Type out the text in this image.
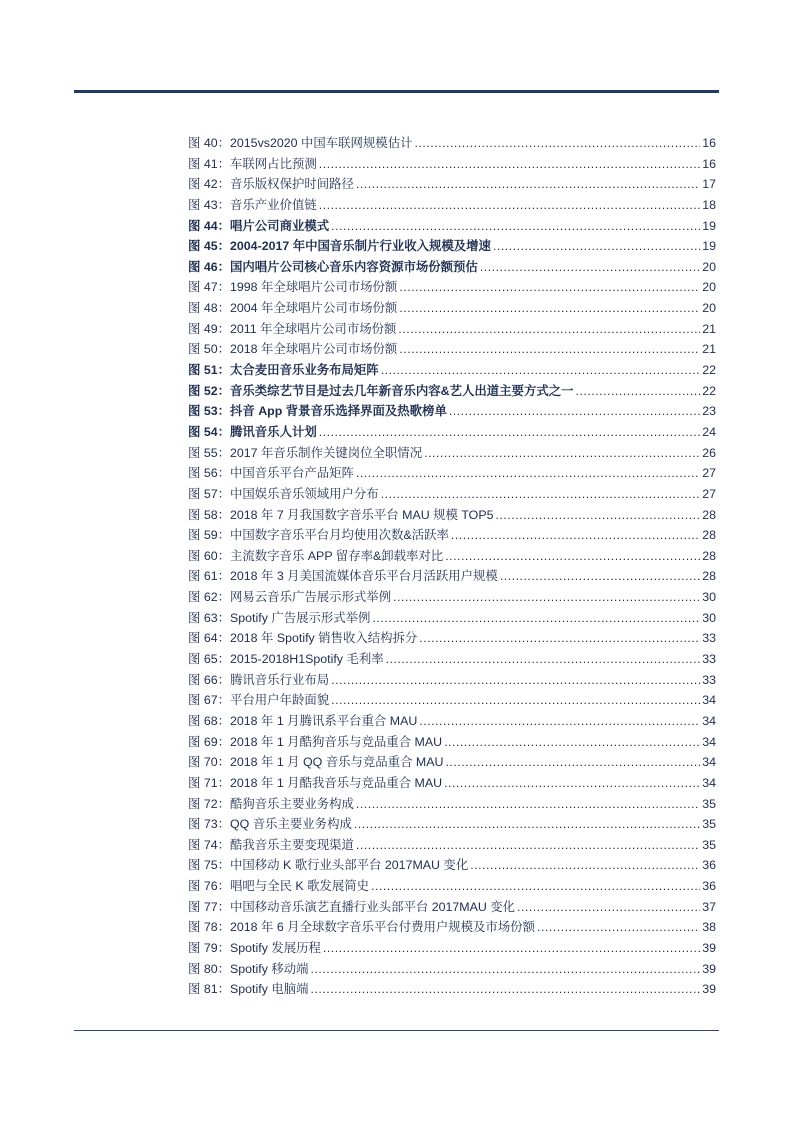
图 40：2015vs2020 中国车联网规模估计 .....	16
图 41：车联网占比预测 .....	16
图 42：音乐版权保护时间路径 .....	17
图 43：音乐产业价值链 .....	18
图 44：唱片公司商业模式 .....	19
图 45：2004-2017 年中国音乐制片行业收入规模及增速 .....	19
图 46：国内唱片公司核心音乐内容资源市场份额预估 .....	20
图 47：1998 年全球唱片公司市场份额 .....	20
图 48：2004 年全球唱片公司市场份额 .....	20
图 49：2011 年全球唱片公司市场份额 .....	21
图 50：2018 年全球唱片公司市场份额 .....	21
图 51：太合麦田音乐业务布局矩阵 .....	22
图 52：音乐类综艺节目是过去几年新音乐内容&艺人出道主要方式之一 .....	22
图 53：抖音 App 背景音乐选择界面及热歌榜单 .....	23
图 54：腾讯音乐人计划 .....	24
图 55：2017 年音乐制作关键岗位全职情况 .....	26
图 56：中国音乐平台产品矩阵 .....	27
图 57：中国娱乐音乐领域用户分布 .....	27
图 58：2018 年 7 月我国数字音乐平台 MAU 规模 TOP5 .....	28
图 59：中国数字音乐平台月均使用次数&活跃率 .....	28
图 60：主流数字音乐 APP 留存率&卸载率对比 .....	28
图 61：2018 年 3 月美国流媒体音乐平台月活跃用户规模 .....	28
图 62：网易云音乐广告展示形式举例 .....	30
图 63：Spotify 广告展示形式举例 .....	30
图 64：2018 年 Spotify 销售收入结构拆分 .....	33
图 65：2015-2018H1Spotify 毛利率 .....	33
图 66：腾讯音乐行业布局 .....	33
图 67：平台用户年龄面貌 .....	34
图 68：2018 年 1 月腾讯系平台重合 MAU .....	34
图 69：2018 年 1 月酷狗音乐与竞品重合 MAU .....	34
图 70：2018 年 1 月 QQ 音乐与竞品重合 MAU .....	34
图 71：2018 年 1 月酷我音乐与竞品重合 MAU .....	34
图 72：酷狗音乐主要业务构成 .....	35
图 73：QQ 音乐主要业务构成 .....	35
图 74：酷我音乐主要变现渠道 .....	35
图 75：中国移动 K 歌行业头部平台 2017MAU 变化 .....	36
图 76：唱吧与全民 K 歌发展简史 .....	36
图 77：中国移动音乐演艺直播行业头部平台 2017MAU 变化 .....	37
图 78：2018 年 6 月全球数字音乐平台付费用户规模及市场份额 .....	38
图 79：Spotify 发展历程 .....	39
图 80：Spotify 移动端 .....	39
图 81：Spotify 电脑端 .....	39
